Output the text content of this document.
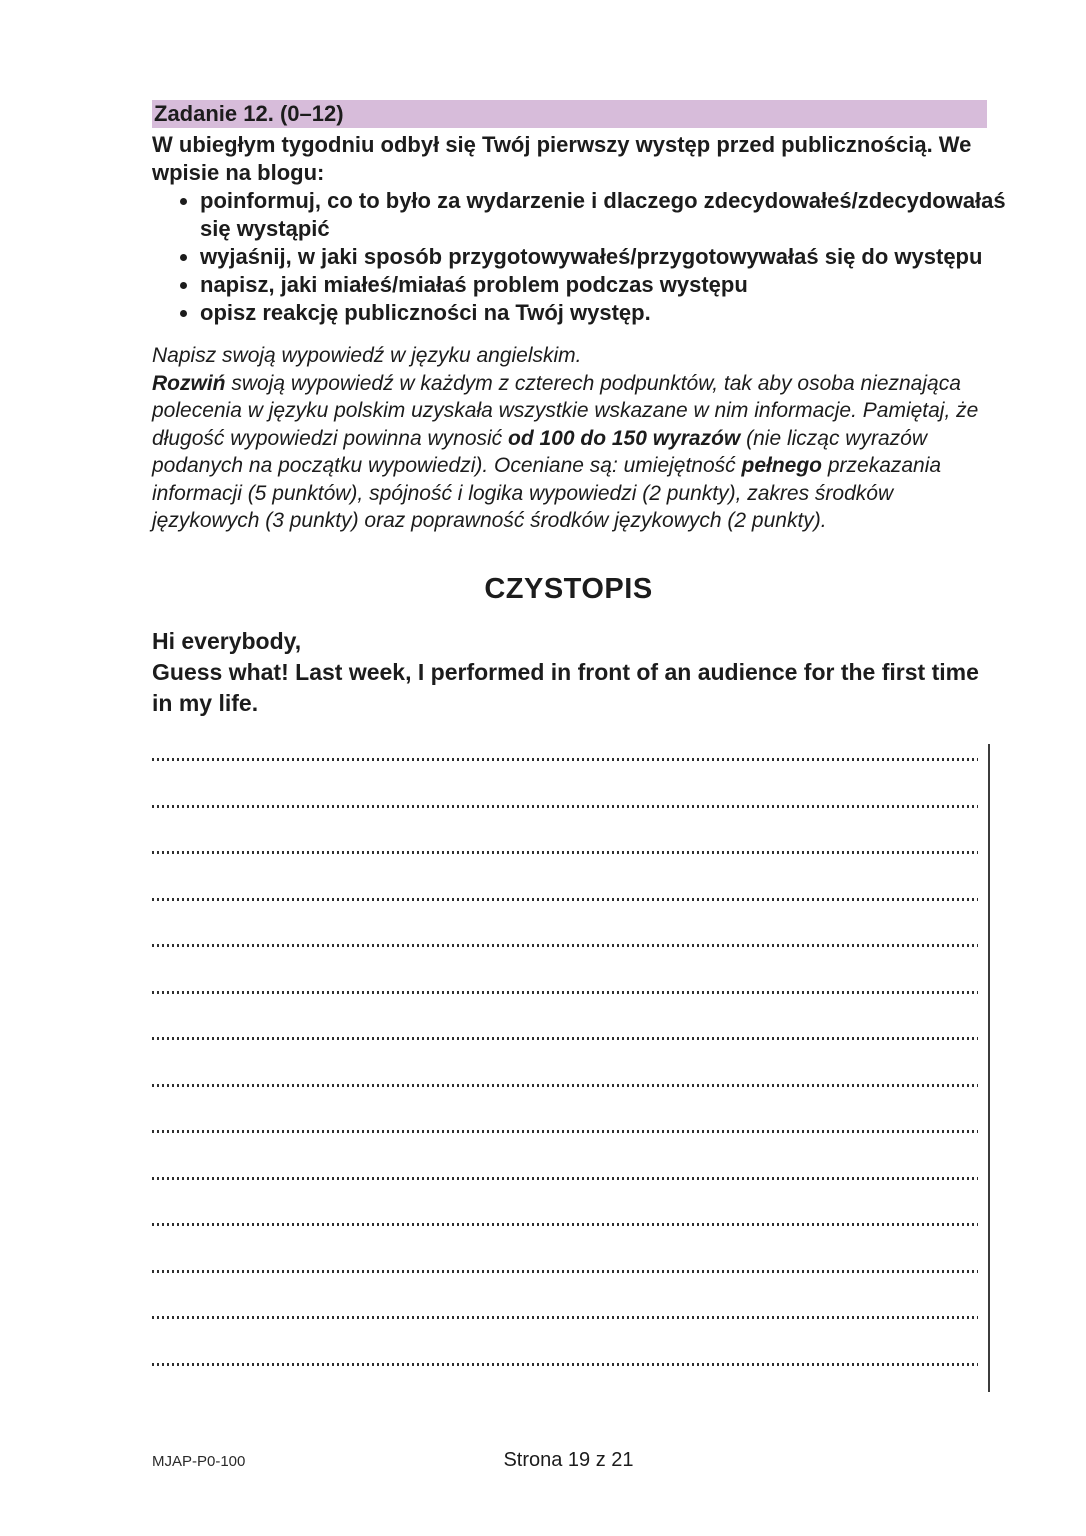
Zadanie 12. (0–12)

W ubiegłym tygodniu odbył się Twój pierwszy występ przed publicznością. We wpisie na blogu:

• poinformuj, co to było za wydarzenie i dlaczego zdecydowałeś/zdecydowałaś się wystąpić
• wyjaśnij, w jaki sposób przygotowywałeś/przygotowywałaś się do występu
• napisz, jaki miałeś/miałaś problem podczas występu
• opisz reakcję publiczności na Twój występ.

Napisz swoją wypowiedź w języku angielskim.

Rozwiń swoją wypowiedź w każdym z czterech podpunktów, tak aby osoba nieznająca polecenia w języku polskim uzyskała wszystkie wskazane w nim informacje. Pamiętaj, że długość wypowiedzi powinna wynosić od 100 do 150 wyrazów (nie licząc wyrazów podanych na początku wypowiedzi). Oceniane są: umiejętność pełnego przekazania informacji (5 punktów), spójność i logika wypowiedzi (2 punkty), zakres środków językowych (3 punkty) oraz poprawność środków językowych (2 punkty).

CZYSTOPIS

Hi everybody,

Guess what! Last week, I performed in front of an audience for the first time in my life.

MJAP-P0-100	Strona 19 z 21
